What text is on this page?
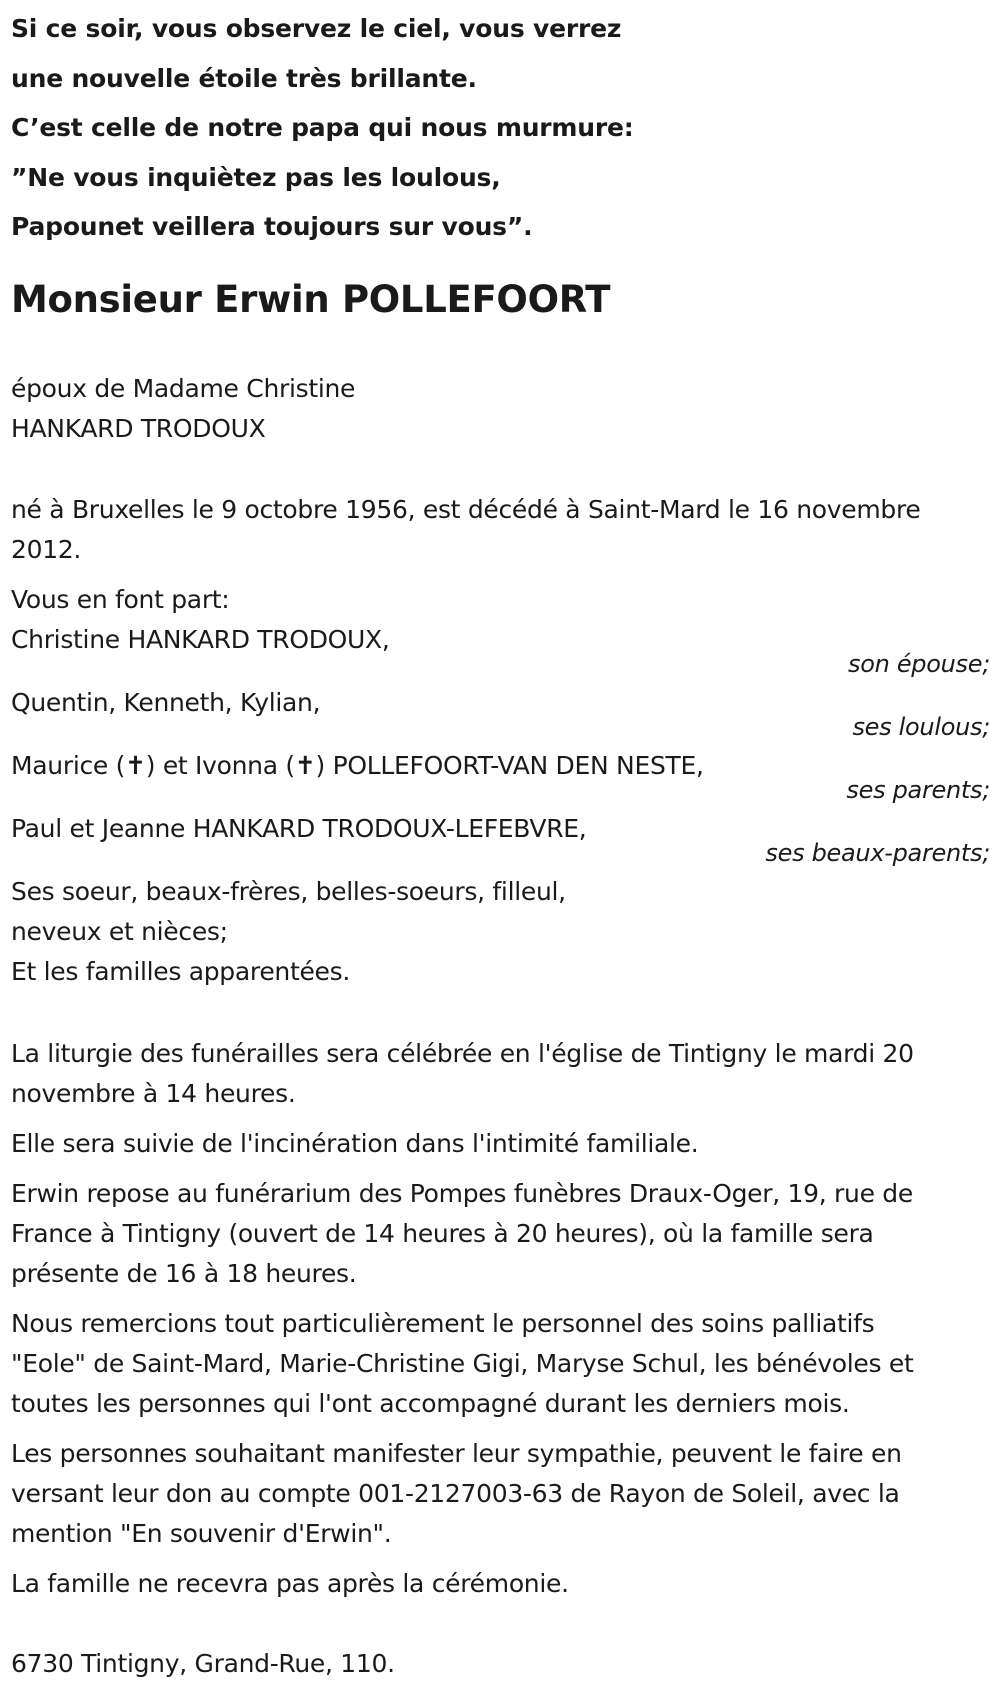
Si ce soir, vous observez le ciel, vous verrez
une nouvelle étoile très brillante.
C’est celle de notre papa qui nous murmure:
”Ne vous inquiètez pas les loulous,
Papounet veillera toujours sur vous”.
Monsieur Erwin POLLEFOORT
époux de Madame Christine
HANKARD TRODOUX
né à Bruxelles le 9 octobre 1956, est décédé à Saint-Mard le 16 novembre
2012.
Vous en font part:
Christine HANKARD TRODOUX,
son épouse;
Quentin, Kenneth, Kylian,
ses loulous;
Maurice (✝) et Ivonna (✝) POLLEFOORT-VAN DEN NESTE,
ses parents;
Paul et Jeanne HANKARD TRODOUX-LEFEBVRE,
ses beaux-parents;
Ses soeur, beaux-frères, belles-soeurs, filleul,
neveux et nièces;
Et les familles apparentées.
La liturgie des funérailles sera célébrée en l'église de Tintigny le mardi 20
novembre à 14 heures.
Elle sera suivie de l'incinération dans l'intimité familiale.
Erwin repose au funérarium des Pompes funèbres Draux-Oger, 19, rue de
France à Tintigny (ouvert de 14 heures à 20 heures), où la famille sera
présente de 16 à 18 heures.
Nous remercions tout particulièrement le personnel des soins palliatifs
"Eole" de Saint-Mard, Marie-Christine Gigi, Maryse Schul, les bénévoles et
toutes les personnes qui l'ont accompagné durant les derniers mois.
Les personnes souhaitant manifester leur sympathie, peuvent le faire en
versant leur don au compte 001-2127003-63 de Rayon de Soleil, avec la
mention "En souvenir d'Erwin".
La famille ne recevra pas après la cérémonie.
6730 Tintigny, Grand-Rue, 110.
